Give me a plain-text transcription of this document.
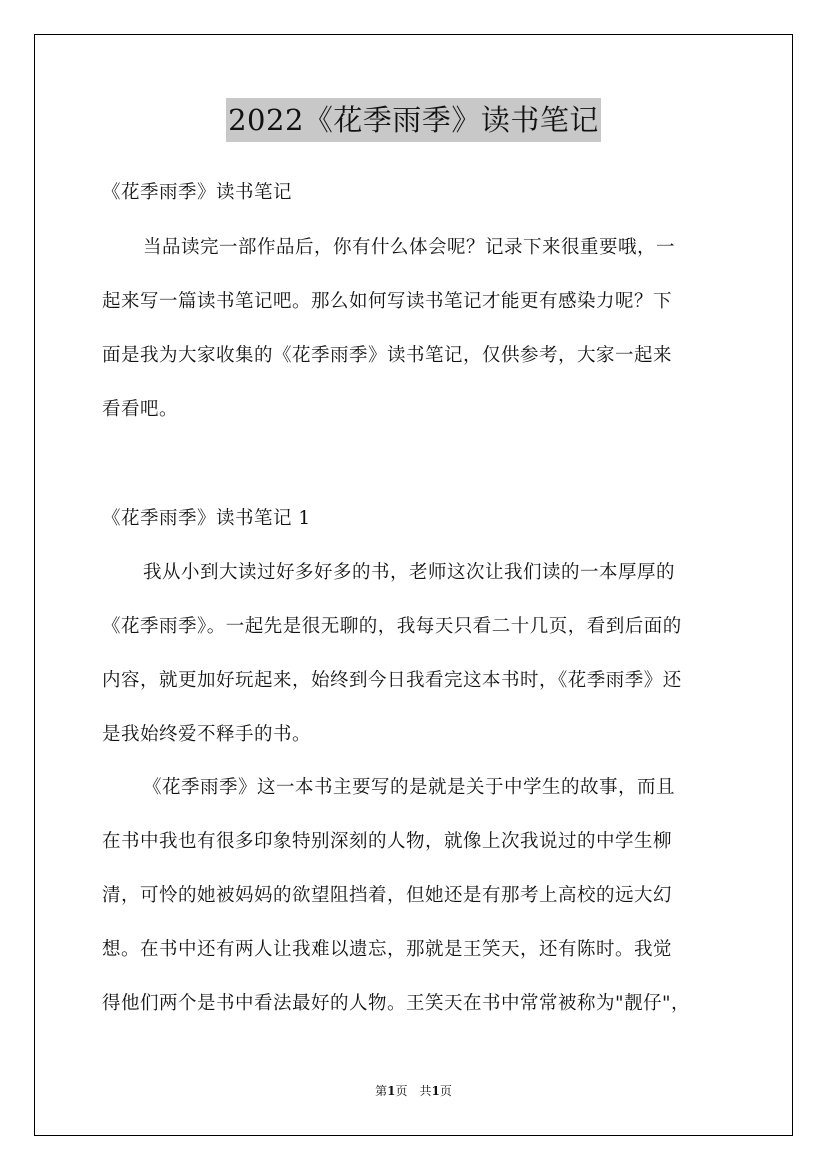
2022《花季雨季》读书笔记
《花季雨季》读书笔记
当品读完一部作品后，你有什么体会呢？记录下来很重要哦，一
起来写一篇读书笔记吧。那么如何写读书笔记才能更有感染力呢？下
面是我为大家收集的《花季雨季》读书笔记，仅供参考，大家一起来
看看吧。
《花季雨季》读书笔记 1
我从小到大读过好多好多的书，老师这次让我们读的一本厚厚的
《花季雨季》。一起先是很无聊的，我每天只看二十几页，看到后面的
内容，就更加好玩起来，始终到今日我看完这本书时，《花季雨季》还
是我始终爱不释手的书。
《花季雨季》这一本书主要写的是就是关于中学生的故事，而且
在书中我也有很多印象特别深刻的人物，就像上次我说过的中学生柳
清，可怜的她被妈妈的欲望阻挡着，但她还是有那考上高校的远大幻
想。在书中还有两人让我难以遗忘，那就是王笑天，还有陈时。我觉
得他们两个是书中看法最好的人物。王笑天在书中常常被称为"靓仔"，
第1页　共1页
